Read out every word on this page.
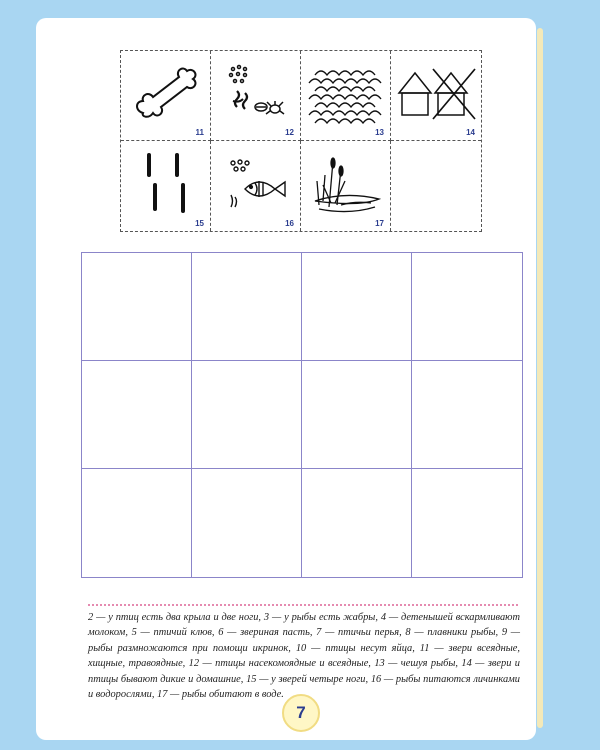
11	12	13	14
15	16	17
2 — у птиц есть два крыла и две ноги, 3 — у рыбы есть жабры, 4 — детенышей вскармливают молоком, 5 — птичий клюв, 6 — звериная пасть, 7 — птичьи перья, 8 — плавники рыбы, 9 — рыбы размножаются при помощи икринок, 10 — птицы несут яйца, 11 — звери всеядные, хищные, травоядные, 12 — птицы насекомоядные и всеядные, 13 — чешуя рыбы, 14 — звери и птицы бывают дикие и домашние, 15 — у зверей четыре ноги, 16 — рыбы питаются личинками и водорослями, 17 — рыбы обитают в воде.
7
